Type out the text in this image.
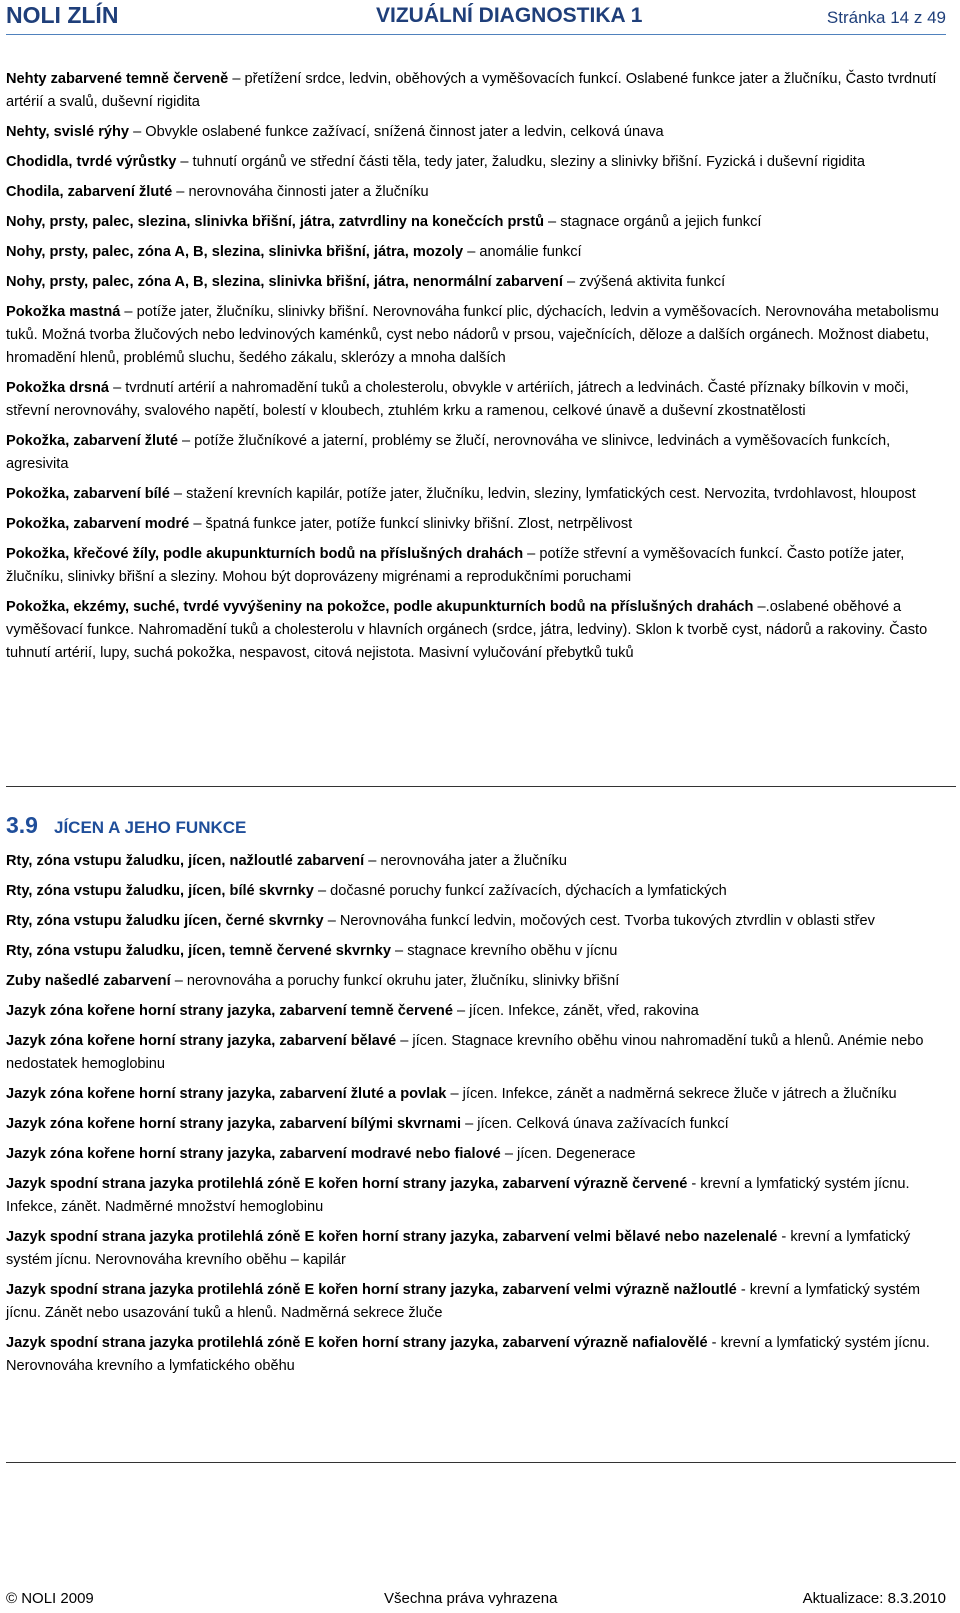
NOLI ZLÍN	VIZUÁLNÍ DIAGNOSTIKA 1	Stránka 14 z 49

Nehty zabarvené temně červeně – přetížení srdce, ledvin, oběhových a vyměšovacích funkcí. Oslabené funkce jater a žlučníku, Často tvrdnutí artérií a svalů, duševní rigidita

Nehty, svislé rýhy – Obvykle oslabené funkce zažívací, snížená činnost jater a ledvin, celková únava

Chodidla, tvrdé výrůstky – tuhnutí orgánů ve střední části těla, tedy jater, žaludku, sleziny a slinivky břišní. Fyzická i duševní rigidita

Chodila, zabarvení žluté – nerovnováha činnosti jater a žlučníku

Nohy, prsty, palec, slezina, slinivka břišní, játra, zatvrdliny na konečcích prstů – stagnace orgánů a jejich funkcí

Nohy, prsty, palec, zóna A, B, slezina, slinivka břišní, játra, mozoly – anomálie funkcí

Nohy, prsty, palec, zóna A, B, slezina, slinivka břišní, játra, nenormální zabarvení – zvýšená aktivita funkcí

Pokožka mastná – potíže jater, žlučníku, slinivky břišní. Nerovnováha funkcí plic, dýchacích, ledvin a vyměšovacích. Nerovnováha metabolismu tuků. Možná tvorba žlučových nebo ledvinových kaménků, cyst nebo nádorů v prsou, vaječnících, děloze a dalších orgánech. Možnost diabetu, hromadění hlenů, problémů sluchu, šedého zákalu, sklerózy a mnoha dalších

Pokožka drsná – tvrdnutí artérií a nahromadění tuků a cholesterolu, obvykle v artériích, játrech a ledvinách. Časté příznaky bílkovin v moči, střevní nerovnováhy, svalového napětí, bolestí v kloubech, ztuhlém krku a ramenou, celkové únavě a duševní zkostnatělosti

Pokožka, zabarvení žluté – potíže žlučníkové a jaterní, problémy se žlučí, nerovnováha ve slinivce, ledvinách a vyměšovacích funkcích, agresivita

Pokožka, zabarvení bílé – stažení krevních kapilár, potíže jater, žlučníku, ledvin, sleziny, lymfatických cest. Nervozita, tvrdohlavost, hloupost

Pokožka, zabarvení modré – špatná funkce jater, potíže funkcí slinivky břišní. Zlost, netrpělivost

Pokožka, křečové žíly, podle akupunkturních bodů na příslušných drahách – potíže střevní a vyměšovacích funkcí. Často potíže jater, žlučníku, slinivky břišní a sleziny. Mohou být doprovázeny migrénami a reprodukčními poruchami

Pokožka, ekzémy, suché, tvrdé vyvýšeniny na pokožce, podle akupunkturních bodů na příslušných drahách –.oslabené oběhové a vyměšovací funkce. Nahromadění tuků a cholesterolu v hlavních orgánech (srdce, játra, ledviny). Sklon k tvorbě cyst, nádorů a rakoviny. Často tuhnutí artérií, lupy, suchá pokožka, nespavost, citová nejistota. Masivní vylučování přebytků tuků

3.9 JÍCEN A JEHO FUNKCE

Rty, zóna vstupu žaludku, jícen, nažloutlé zabarvení – nerovnováha jater a žlučníku

Rty, zóna vstupu žaludku, jícen, bílé skvrnky – dočasné poruchy funkcí zažívacích, dýchacích a lymfatických

Rty, zóna vstupu žaludku jícen, černé skvrnky – Nerovnováha funkcí ledvin, močových cest. Tvorba tukových ztvrdlin v oblasti střev

Rty, zóna vstupu žaludku, jícen, temně červené skvrnky – stagnace krevního oběhu v jícnu

Zuby našedlé zabarvení – nerovnováha a poruchy funkcí okruhu jater, žlučníku, slinivky břišní

Jazyk zóna kořene horní strany jazyka, zabarvení temně červené – jícen. Infekce, zánět, vřed, rakovina

Jazyk zóna kořene horní strany jazyka, zabarvení bělavé – jícen. Stagnace krevního oběhu vinou nahromadění tuků a hlenů. Anémie nebo nedostatek hemoglobinu

Jazyk zóna kořene horní strany jazyka, zabarvení žluté a povlak – jícen. Infekce, zánět a nadměrná sekrece žluče v játrech a žlučníku

Jazyk zóna kořene horní strany jazyka, zabarvení bílými skvrnami – jícen. Celková únava zažívacích funkcí

Jazyk zóna kořene horní strany jazyka, zabarvení modravé nebo fialové – jícen. Degenerace

Jazyk spodní strana jazyka protilehlá zóně E kořen horní strany jazyka, zabarvení výrazně červené - krevní a lymfatický systém jícnu. Infekce, zánět. Nadměrné množství hemoglobinu

Jazyk spodní strana jazyka protilehlá zóně E kořen horní strany jazyka, zabarvení velmi bělavé nebo nazelenalé - krevní a lymfatický systém jícnu. Nerovnováha krevního oběhu – kapilár

Jazyk spodní strana jazyka protilehlá zóně E kořen horní strany jazyka, zabarvení velmi výrazně nažloutlé - krevní a lymfatický systém jícnu. Zánět nebo usazování tuků a hlenů. Nadměrná sekrece žluče

Jazyk spodní strana jazyka protilehlá zóně E kořen horní strany jazyka, zabarvení výrazně nafialovělé - krevní a lymfatický systém jícnu. Nerovnováha krevního a lymfatického oběhu

© NOLI 2009	Všechna práva vyhrazena	Aktualizace: 8.3.2010
